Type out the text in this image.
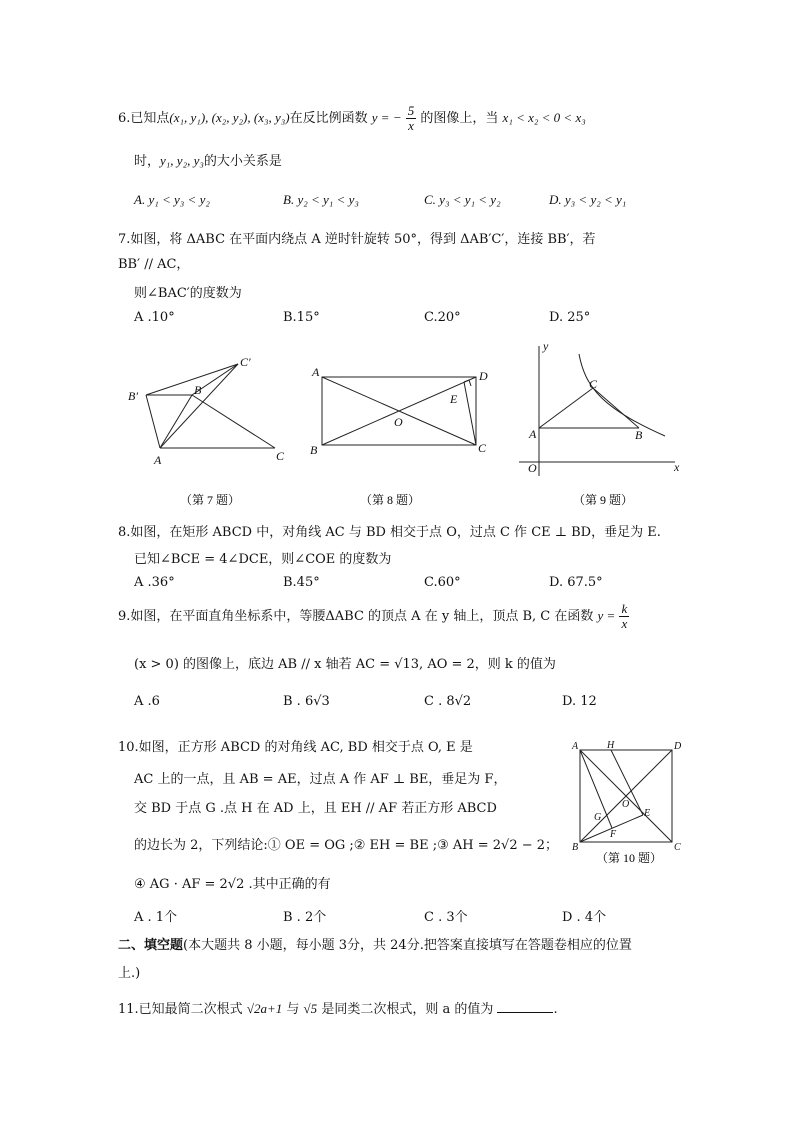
6.已知点(x₁, y₁), (x₂, y₂), (x₃, y₃)在反比例函数 y = − $\frac{5}{x}$ 的图像上，当 x₁ < x₂ < 0 < x₃
时，y₁, y₂, y₃的大小关系是
A. y₁ < y₃ < y₂	B. y₂ < y₁ < y₃	C. y₃ < y₁ < y₂	D. y₃ < y₂ < y₁
7.如图，将 ΔABC 在平面内绕点 A 逆时针旋转 50°，得到 ΔAB′C′，连接 BB′，若
BB′ // AC，
则∠BAC′的度数为
A .10°	B.15°	C.20°	D. 25°
C′
B′	B
A	C
（第 7 题）
A	D
E
O
B	C
（第 8 题）
y
C
A	B
O	x
（第 9 题）
8.如图，在矩形 ABCD 中，对角线 AC 与 BD 相交于点 O，过点 C 作 CE ⊥ BD，垂足为 E.
已知∠BCE = 4∠DCE，则∠COE 的度数为
A .36°	B.45°	C.60°	D. 67.5°
9.如图，在平面直角坐标系中，等腰ΔABC 的顶点 A 在 y 轴上，顶点 B, C 在函数 $y = \frac{k}{x}$
(x > 0) 的图像上，底边 AB // x 轴若 AC = √13, AO = 2，则 k 的值为
A .6	B . 6√3	C . 8√2	D. 12
10.如图，正方形 ABCD 的对角线 AC, BD 相交于点 O, E 是
AC 上的一点，且 AB = AE，过点 A 作 AF ⊥ BE，垂足为 F，
交 BD 于点 G .点 H 在 AD 上，且 EH // AF 若正方形 ABCD
的边长为 2，下列结论:① OE = OG ;② EH = BE ;③ AH = 2√2 − 2；
④ AG · AF = 2√2 .其中正确的有
A . 1个	B . 2个	C . 3个	D . 4个
A	H	D
O
G	E
F
B	C
（第 10 题）
二、填空题(本大题共 8 小题，每小题 3分，共 24分.把答案直接填写在答题卷相应的位置
上.)
11.已知最简二次根式 √2a+1 与 √5 是同类二次根式，则 a 的值为	.
